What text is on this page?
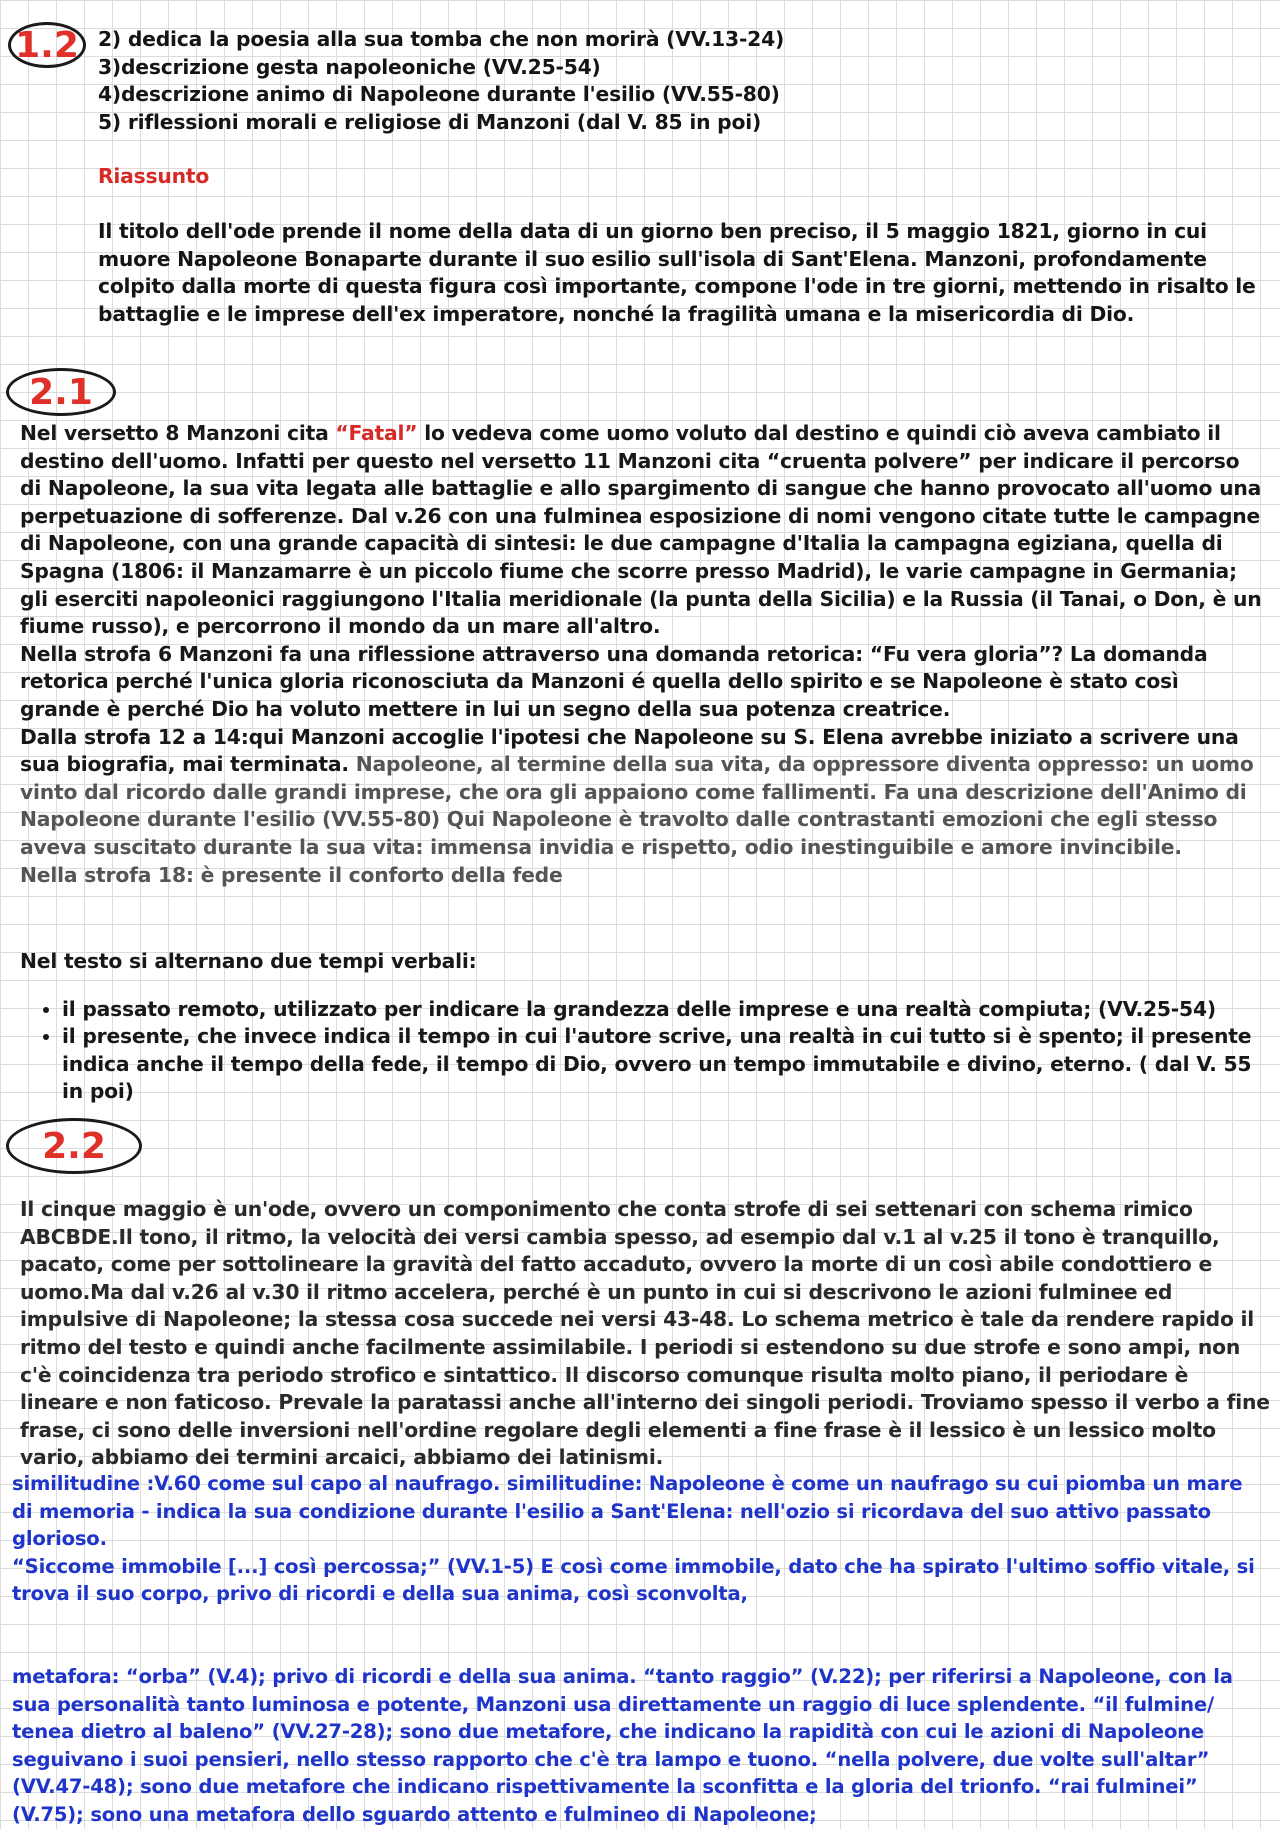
1.2
2.1
2.2

2) dedica la poesia alla sua tomba che non morirà (VV.13-24)

3)descrizione gesta napoleoniche (VV.25-54)

4)descrizione animo di Napoleone durante l'esilio (VV.55-80)

5) riflessioni morali e religiose di Manzoni (dal V. 85 in poi)

Riassunto

Il titolo dell'ode prende il nome della data di un giorno ben preciso, il 5 maggio 1821, giorno in cui muore Napoleone Bonaparte durante il suo esilio sull'isola di Sant'Elena. Manzoni, profondamente colpito dalla morte di questa figura così importante, compone l'ode in tre giorni, mettendo in risalto le battaglie e le imprese dell'ex imperatore, nonché la fragilità umana e la misericordia di Dio.

Nel versetto 8 Manzoni cita “Fatal” lo vedeva come uomo voluto dal destino e quindi ciò aveva cambiato il destino dell'uomo. Infatti per questo nel versetto 11 Manzoni cita “cruenta polvere” per indicare il percorso di Napoleone, la sua vita legata alle battaglie e allo spargimento di sangue che hanno provocato all'uomo una perpetuazione di sofferenze. Dal v.26 con una fulminea esposizione di nomi vengono citate tutte le campagne di Napoleone, con una grande capacità di sintesi: le due campagne d'Italia la campagna egiziana, quella di Spagna (1806: il Manzamarre è un piccolo fiume che scorre presso Madrid), le varie campagne in Germania; gli eserciti napoleonici raggiungono l'Italia meridionale (la punta della Sicilia) e la Russia (il Tanai, o Don, è un fiume russo), e percorrono il mondo da un mare all'altro.

Nella strofa 6 Manzoni fa una riflessione attraverso una domanda retorica: “Fu vera gloria”? La domanda retorica perché l'unica gloria riconosciuta da Manzoni é quella dello spirito e se Napoleone è stato così grande è perché Dio ha voluto mettere in lui un segno della sua potenza creatrice.

Dalla strofa 12 a 14:qui Manzoni accoglie l'ipotesi che Napoleone su S. Elena avrebbe iniziato a scrivere una sua biografia, mai terminata. Napoleone, al termine della sua vita, da oppressore diventa oppresso: un uomo vinto dal ricordo dalle grandi imprese, che ora gli appaiono come fallimenti. Fa una descrizione dell'Animo di Napoleone durante l'esilio (VV.55-80) Qui Napoleone è travolto dalle contrastanti emozioni che egli stesso aveva suscitato durante la sua vita: immensa invidia e rispetto, odio inestinguibile e amore invincibile.

Nella strofa 18: è presente il conforto della fede

Nel testo si alternano due tempi verbali:

• il passato remoto, utilizzato per indicare la grandezza delle imprese e una realtà compiuta; (VV.25-54)
• il presente, che invece indica il tempo in cui l'autore scrive, una realtà in cui tutto si è spento; il presente indica anche il tempo della fede, il tempo di Dio, ovvero un tempo immutabile e divino, eterno. ( dal V. 55 in poi)

Il cinque maggio è un'ode, ovvero un componimento che conta strofe di sei settenari con schema rimico ABCBDE.Il tono, il ritmo, la velocità dei versi cambia spesso, ad esempio dal v.1 al v.25 il tono è tranquillo, pacato, come per sottolineare la gravità del fatto accaduto, ovvero la morte di un così abile condottiero e uomo.Ma dal v.26 al v.30 il ritmo accelera, perché è un punto in cui si descrivono le azioni fulminee ed impulsive di Napoleone; la stessa cosa succede nei versi 43-48. Lo schema metrico è tale da rendere rapido il ritmo del testo e quindi anche facilmente assimilabile. I periodi si estendono su due strofe e sono ampi, non c'è coincidenza tra periodo strofico e sintattico. Il discorso comunque risulta molto piano, il periodare è lineare e non faticoso. Prevale la paratassi anche all'interno dei singoli periodi. Troviamo spesso il verbo a fine frase, ci sono delle inversioni nell'ordine regolare degli elementi a fine frase è il lessico è un lessico molto vario, abbiamo dei termini arcaici, abbiamo dei latinismi.

similitudine :V.60 come sul capo al naufrago. similitudine: Napoleone è come un naufrago su cui piomba un mare di memoria - indica la sua condizione durante l'esilio a Sant'Elena: nell'ozio si ricordava del suo attivo passato glorioso.

“Siccome immobile [...] così percossa;” (VV.1-5) E così come immobile, dato che ha spirato l'ultimo soffio vitale, si trova il suo corpo, privo di ricordi e della sua anima, così sconvolta,

metafora: “orba” (V.4); privo di ricordi e della sua anima. “tanto raggio” (V.22); per riferirsi a Napoleone, con la sua personalità tanto luminosa e potente, Manzoni usa direttamente un raggio di luce splendente. “il fulmine/ tenea dietro al baleno” (VV.27-28); sono due metafore, che indicano la rapidità con cui le azioni di Napoleone seguivano i suoi pensieri, nello stesso rapporto che c'è tra lampo e tuono. “nella polvere, due volte sull'altar” (VV.47-48); sono due metafore che indicano rispettivamente la sconfitta e la gloria del trionfo. “rai fulminei” (V.75); sono una metafora dello sguardo attento e fulmineo di Napoleone;
